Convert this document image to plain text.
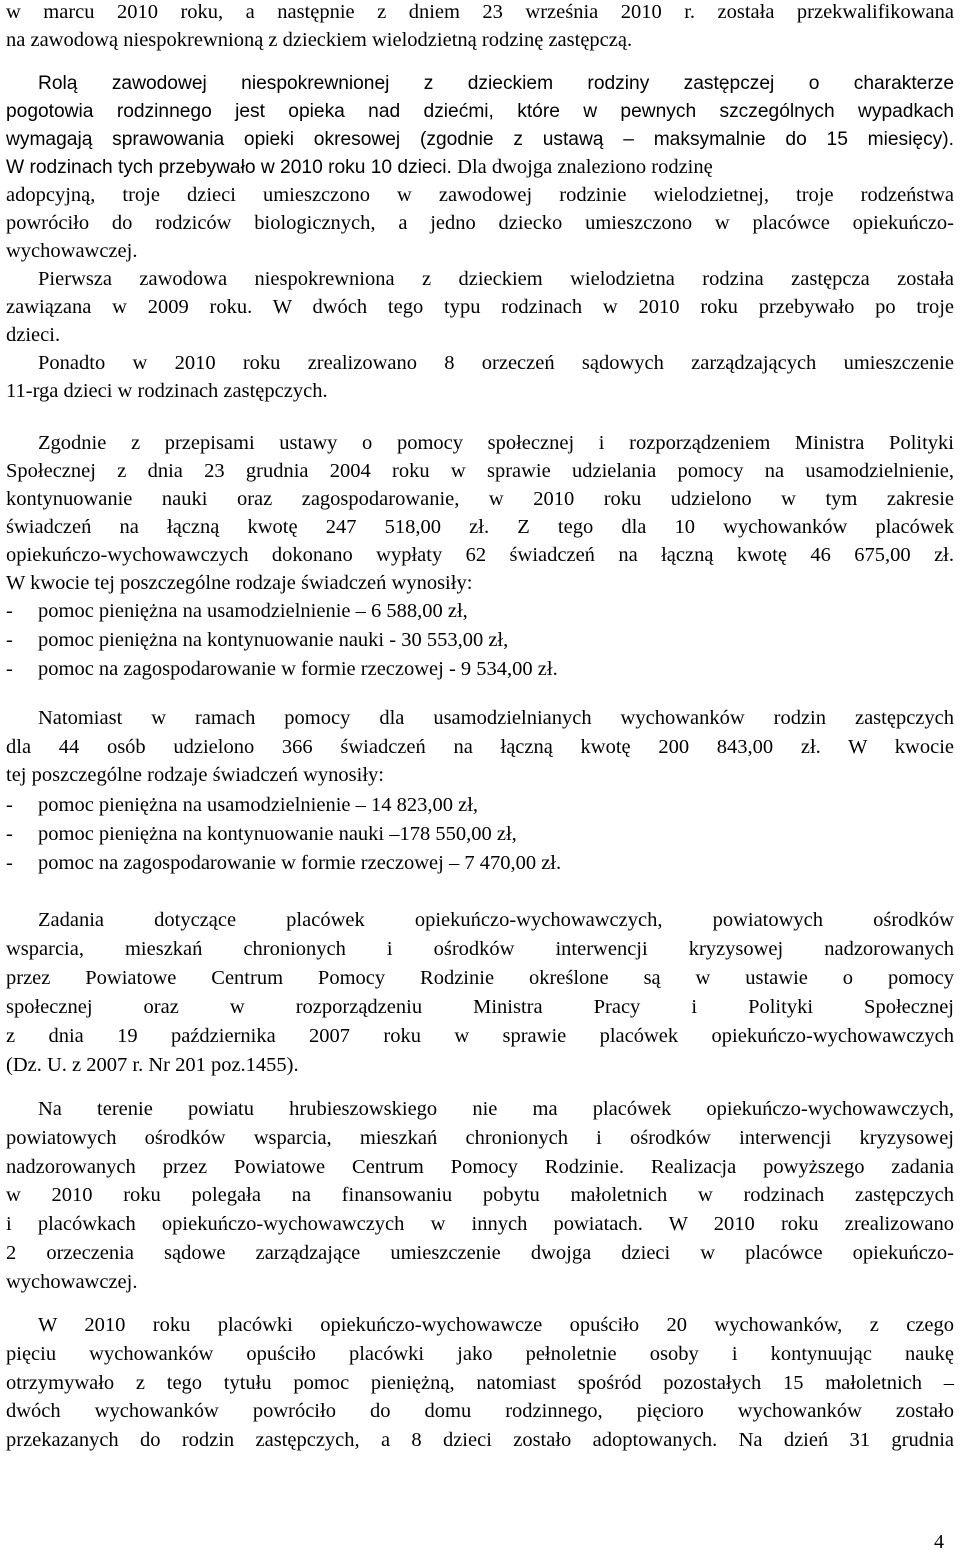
w marcu 2010 roku, a następnie z dniem 23 września 2010 r. została przekwalifikowana
na zawodową niespokrewnioną z dzieckiem wielodzietną rodzinę zastępczą.
Rolą zawodowej niespokrewnionej z dzieckiem rodziny zastępczej o charakterze
pogotowia rodzinnego jest opieka nad dziećmi, które w pewnych szczególnych wypadkach
wymagają sprawowania opieki okresowej (zgodnie z ustawą – maksymalnie do 15 miesięcy).
W rodzinach tych przebywało w 2010 roku 10 dzieci. Dla dwojga znaleziono rodzinę
adopcyjną, troje dzieci umieszczono w zawodowej rodzinie wielodzietnej, troje rodzeństwa
powróciło do rodziców biologicznych, a jedno dziecko umieszczono w placówce opiekuńczo-
wychowawczej.
Pierwsza zawodowa niespokrewniona z dzieckiem wielodzietna rodzina zastępcza została
zawiązana w 2009 roku. W dwóch tego typu rodzinach w 2010 roku przebywało po troje
dzieci.
Ponadto w 2010 roku zrealizowano 8 orzeczeń sądowych zarządzających umieszczenie
11-rga dzieci w rodzinach zastępczych.
Zgodnie z przepisami ustawy o pomocy społecznej i rozporządzeniem Ministra Polityki
Społecznej z dnia 23 grudnia 2004 roku w sprawie udzielania pomocy na usamodzielnienie,
kontynuowanie nauki oraz zagospodarowanie, w 2010 roku udzielono w tym zakresie
świadczeń na łączną kwotę 247 518,00 zł. Z tego dla 10 wychowanków placówek
opiekuńczo-wychowawczych dokonano wypłaty 62 świadczeń na łączną kwotę 46 675,00 zł.
W kwocie tej poszczególne rodzaje świadczeń wynosiły:
- pomoc pieniężna na usamodzielnienie – 6 588,00 zł,
- pomoc pieniężna na kontynuowanie nauki - 30 553,00 zł,
- pomoc na zagospodarowanie w formie rzeczowej - 9 534,00 zł.
Natomiast w ramach pomocy dla usamodzielnianych wychowanków rodzin zastępczych
dla 44 osób udzielono 366 świadczeń na łączną kwotę 200 843,00 zł. W kwocie
tej poszczególne rodzaje świadczeń wynosiły:
- pomoc pieniężna na usamodzielnienie – 14 823,00 zł,
- pomoc pieniężna na kontynuowanie nauki –178 550,00 zł,
- pomoc na zagospodarowanie w formie rzeczowej – 7 470,00 zł.
Zadania dotyczące placówek opiekuńczo-wychowawczych, powiatowych ośrodków
wsparcia, mieszkań chronionych i ośrodków interwencji kryzysowej nadzorowanych
przez Powiatowe Centrum Pomocy Rodzinie określone są w ustawie o pomocy
społecznej oraz w rozporządzeniu Ministra Pracy i Polityki Społecznej
z dnia 19 października 2007 roku w sprawie placówek opiekuńczo-wychowawczych
(Dz. U. z 2007 r. Nr 201 poz.1455).
Na terenie powiatu hrubieszowskiego nie ma placówek opiekuńczo-wychowawczych,
powiatowych ośrodków wsparcia, mieszkań chronionych i ośrodków interwencji kryzysowej
nadzorowanych przez Powiatowe Centrum Pomocy Rodzinie. Realizacja powyższego zadania
w 2010 roku polegała na finansowaniu pobytu małoletnich w rodzinach zastępczych
i placówkach opiekuńczo-wychowawczych w innych powiatach. W 2010 roku zrealizowano
2 orzeczenia sądowe zarządzające umieszczenie dwojga dzieci w placówce opiekuńczo-
wychowawczej.
W 2010 roku placówki opiekuńczo-wychowawcze opuściło 20 wychowanków, z czego
pięciu wychowanków opuściło placówki jako pełnoletnie osoby i kontynuując naukę
otrzymywało z tego tytułu pomoc pieniężną, natomiast spośród pozostałych 15 małoletnich –
dwóch wychowanków powróciło do domu rodzinnego, pięcioro wychowanków zostało
przekazanych do rodzin zastępczych, a 8 dzieci zostało adoptowanych. Na dzień 31 grudnia
4
